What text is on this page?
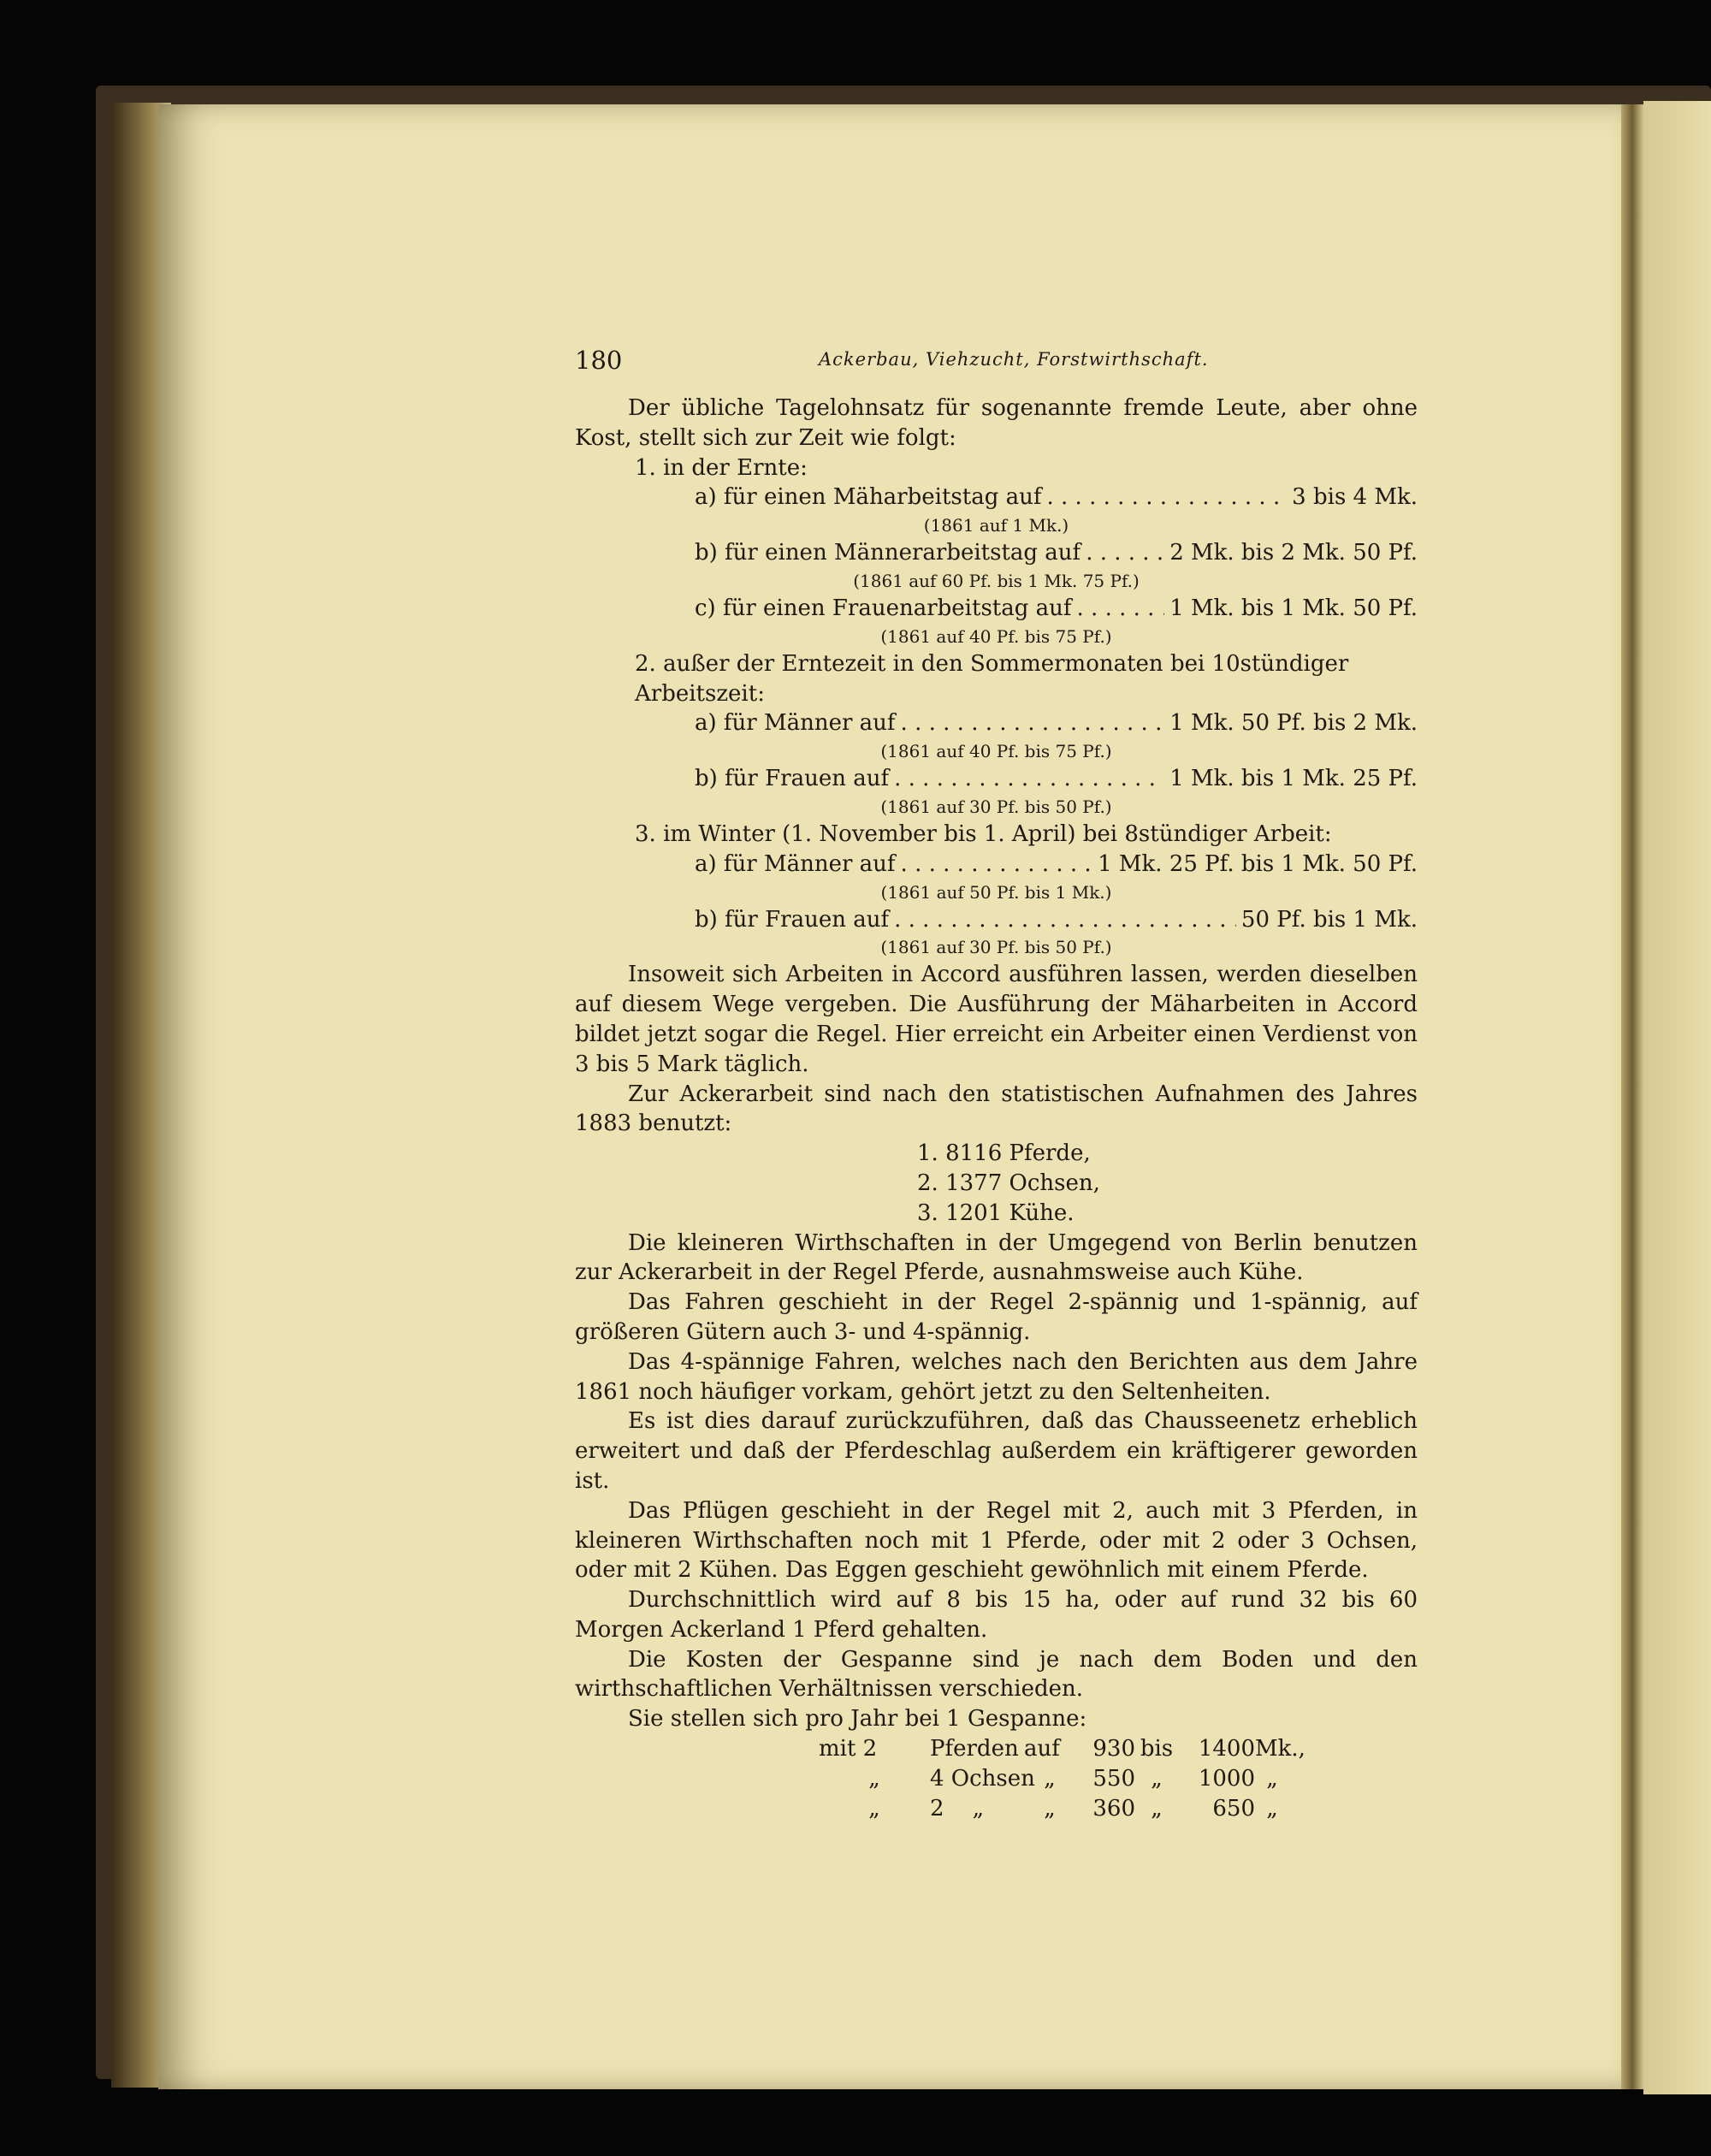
180	Ackerbau, Viehzucht, Forstwirthschaft.

Der übliche Tagelohnsatz für sogenannte fremde Leute, aber ohne Kost, stellt sich zur Zeit wie folgt:

1. in der Ernte:
a) für einen Mäharbeitstag auf . . .	3 bis 4 Mk.
(1861 auf 1 Mk.)
b) für einen Männerarbeitstag auf . . .	2 Mk. bis 2 Mk. 50 Pf.
(1861 auf 60 Pf. bis 1 Mk. 75 Pf.)
c) für einen Frauenarbeitstag auf . . .	1 Mk. bis 1 Mk. 50 Pf.
(1861 auf 40 Pf. bis 75 Pf.)
2. außer der Erntezeit in den Sommermonaten bei 10stündiger Arbeitszeit:
a) für Männer auf . . .	1 Mk. 50 Pf. bis 2 Mk.
(1861 auf 40 Pf. bis 75 Pf.)
b) für Frauen auf . . .	1 Mk. bis 1 Mk. 25 Pf.
(1861 auf 30 Pf. bis 50 Pf.)
3. im Winter (1. November bis 1. April) bei 8stündiger Arbeit:
a) für Männer auf . . .	1 Mk. 25 Pf. bis 1 Mk. 50 Pf.
(1861 auf 50 Pf. bis 1 Mk.)
b) für Frauen auf . . .	50 Pf. bis 1 Mk.
(1861 auf 30 Pf. bis 50 Pf.)

Insoweit sich Arbeiten in Accord ausführen lassen, werden dieselben auf diesem Wege vergeben. Die Ausführung der Mäharbeiten in Accord bildet jetzt sogar die Regel. Hier erreicht ein Arbeiter einen Verdienst von 3 bis 5 Mark täglich.

Zur Ackerarbeit sind nach den statistischen Aufnahmen des Jahres 1883 benutzt:

1. 8116 Pferde,
2. 1377 Ochsen,
3. 1201 Kühe.

Die kleineren Wirthschaften in der Umgegend von Berlin benutzen zur Ackerarbeit in der Regel Pferde, ausnahmsweise auch Kühe.

Das Fahren geschieht in der Regel 2-spännig und 1-spännig, auf größeren Gütern auch 3- und 4-spännig.

Das 4-spännige Fahren, welches nach den Berichten aus dem Jahre 1861 noch häufiger vorkam, gehört jetzt zu den Seltenheiten.

Es ist dies darauf zurückzuführen, daß das Chausseenetz erheblich erweitert und daß der Pferdeschlag außerdem ein kräftigerer geworden ist.

Das Pflügen geschieht in der Regel mit 2, auch mit 3 Pferden, in kleineren Wirthschaften noch mit 1 Pferde, oder mit 2 oder 3 Ochsen, oder mit 2 Kühen. Das Eggen geschieht gewöhnlich mit einem Pferde.

Durchschnittlich wird auf 8 bis 15 ha, oder auf rund 32 bis 60 Morgen Ackerland 1 Pferd gehalten.

Die Kosten der Gespanne sind je nach dem Boden und den wirthschaftlichen Verhältnissen verschieden.

Sie stellen sich pro Jahr bei 1 Gespanne:

mit 2	Pferden auf	930 bis	1400 Mk.,
„	4 Ochsen „	550 „	1000 „
„	2    „	„	360 „	650 „
